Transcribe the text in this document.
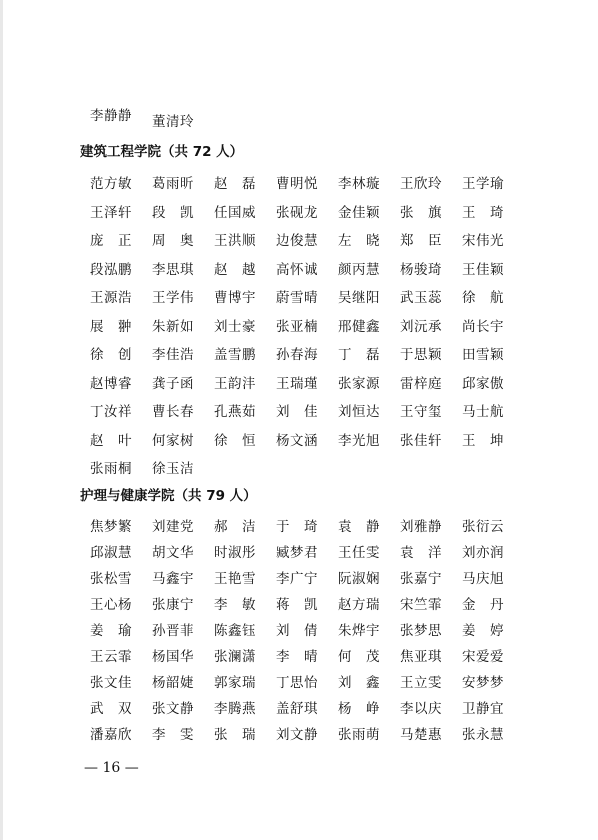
李静静	董清玲
建筑工程学院（共 72 人）
范方敏	葛雨昕	赵　磊	曹明悦	李林璇	王欣玲	王学瑜
王泽轩	段　凯	任国威	张砚龙	金佳颖	张　旗	王　琦
庞　正	周　奥	王洪顺	边俊慧	左　晓	郑　臣	宋伟光
段泓鹏	李思琪	赵　越	高怀诚	颜丙慧	杨骏琦	王佳颖
王源浩	王学伟	曹博宇	蔚雪晴	吴继阳	武玉蕊	徐　航
展　翀	朱新如	刘士豪	张亚楠	邢健鑫	刘沅承	尚长宇
徐　创	李佳浩	盖雪鹏	孙春海	丁　磊	于思颖	田雪颖
赵博睿	龚子函	王韵沣	王瑞瑾	张家源	雷梓庭	邱家傲
丁汝祥	曹长春	孔燕茹	刘　佳	刘恒达	王守玺	马士航
赵　叶	何家树	徐　恒	杨文涵	李光旭	张佳轩	王　坤
张雨桐	徐玉洁
护理与健康学院（共 79 人）
焦梦繁	刘建党	郝　洁	于　琦	袁　静	刘雅静	张衍云
邱淑慧	胡文华	时淑彤	臧梦君	王任雯	袁　洋	刘亦润
张松雪	马鑫宇	王艳雪	李广宁	阮淑娴	张嘉宁	马庆旭
王心杨	张康宁	李　敏	蒋　凯	赵方瑞	宋竺霏	金　丹
姜　瑜	孙晋菲	陈鑫钰	刘　倩	朱烨宇	张梦思	姜　婷
王云霏	杨国华	张澜潇	李　晴	何　茂	焦亚琪	宋爱爱
张文佳	杨韶婕	郭家瑞	丁思怡	刘　鑫	王立雯	安梦梦
武　双	张文静	李腾燕	盖舒琪	杨　峥	李以庆	卫静宜
潘嘉欣	李　雯	张　瑞	刘文静	张雨萌	马楚惠	张永慧
— 16 —
